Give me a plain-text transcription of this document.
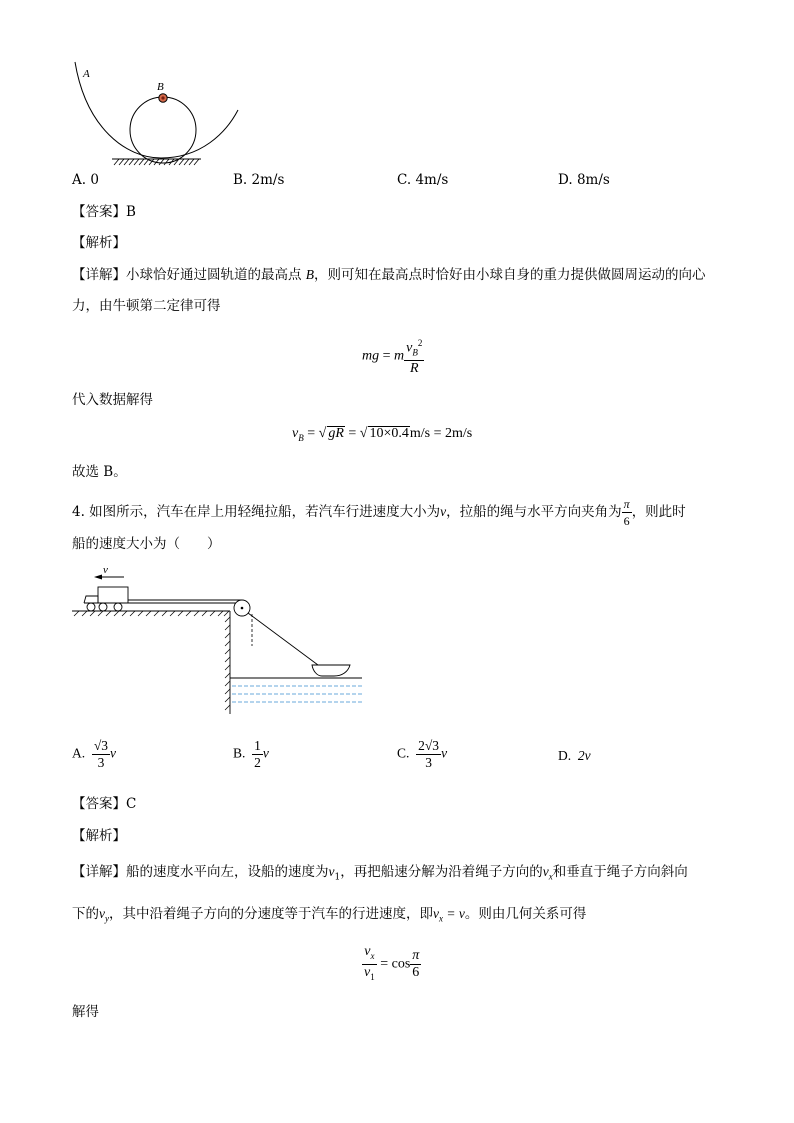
A
B
A. 0	B. 2m/s	C. 4m/s	D. 8m/s
【答案】B
【解析】
【详解】小球恰好通过圆轨道的最高点 B，则可知在最高点时恰好由小球自身的重力提供做圆周运动的向心
力，由牛顿第二定律可得
mg = m $\frac{v_B^2}{R}$
代入数据解得
$v_B$ = √ gR = √ 10×0.4m/s = 2m/s
故选 B。
4. 如图所示，汽车在岸上用轻绳拉船，若汽车行进速度大小为v，拉船的绳与水平方向夹角为 $\frac{\pi}{6}$ ，则此时
船的速度大小为（　　）
v
A. $\frac{√3}{3}$ v	B. $\frac{1}{2}$ v	C. $\frac{2√3}{3}$ v	D. 2v
【答案】C
【解析】
【详解】船的速度水平向左，设船的速度为$v_1$，再把船速分解为沿着绳子方向的$v_x$和垂直于绳子方向斜向
下的$v_y$，其中沿着绳子方向的分速度等于汽车的行进速度，即$v_x = v$。则由几何关系可得
$\frac{v_x}{v_1} = \cos \frac{\pi}{6}$
解得
